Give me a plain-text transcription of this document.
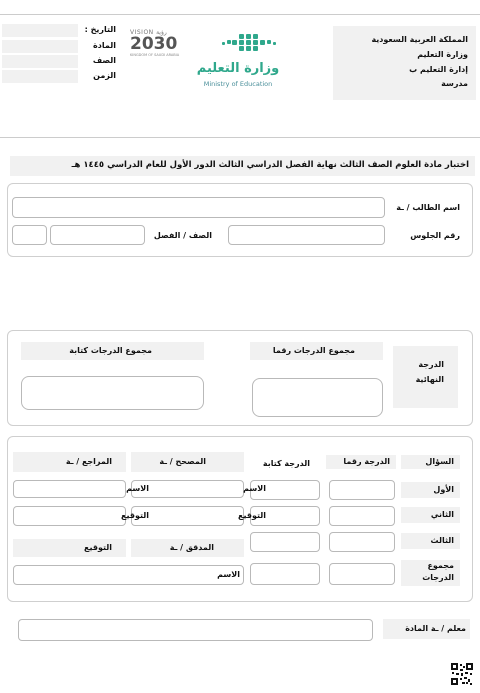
المملكة العربية السعودية
وزارة التعليم
إدارة التعليم ب
مدرسة
وزارة التعليم
Ministry of Education
VISION رؤية
2030
KINGDOM OF SAUDI ARABIA
التاريخ :
المادة
الصف
الزمن
اختبار مادة العلوم الصف الثالث نهاية الفصل الدراسي الثالث الدور الأول للعام الدراسي ١٤٤٥ هـ
اسم الطالب / ـة
رقم الجلوس
الصف / الفصل
الدرجة
النهائية
مجموع الدرجات رقما
مجموع الدرجات كتابة
السؤال
الدرجة رقما
الدرجة كتابة
المصحح / ـة
المراجع / ـة
الأول
الثاني
الثالث
مجموع
الدرجات
الاسم
التوقيع
الاسم
التوقيع
المدقق / ـة
التوقيع
الاسم
معلم / ـة المادة
